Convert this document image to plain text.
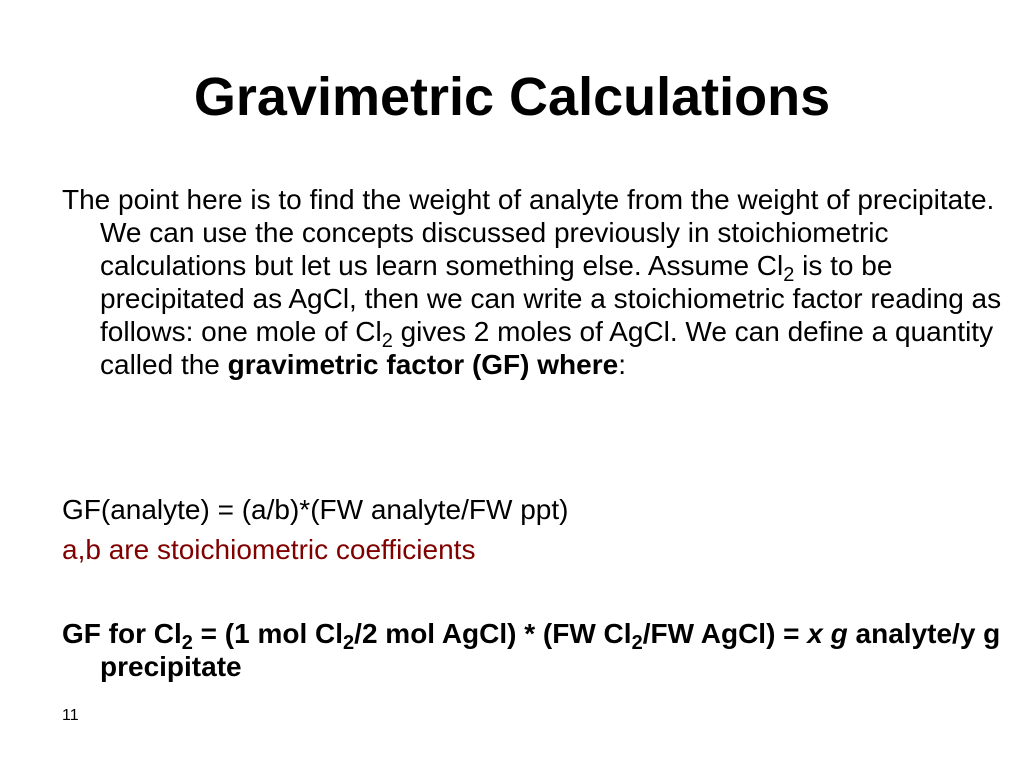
Gravimetric Calculations

The point here is to find the weight of analyte from the weight of precipitate. We can use the concepts discussed previously in stoichiometric calculations but let us learn something else. Assume $Cl_2$ is to be precipitated as AgCl, then we can write a stoichiometric factor reading as follows: one mole of $Cl_2$ gives 2 moles of AgCl. We can define a quantity called the gravimetric factor (GF) where:

GF(analyte) = (a/b)*(FW analyte/FW ppt)

a,b are stoichiometric coefficients

GF for $Cl_2 = (1$ mol $Cl_2/2$ mol AgCl) * (FW $Cl_2/FW$ AgCl) = x g analyte/y g precipitate

11
